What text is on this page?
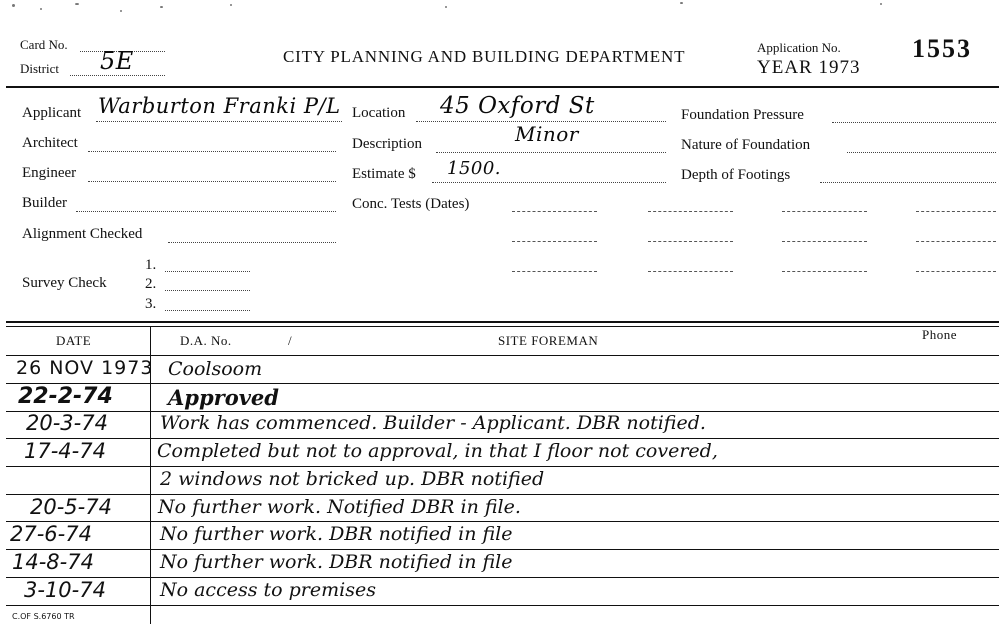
Card No.
District 5E	CITY PLANNING AND BUILDING DEPARTMENT	Application No.
YEAR 1973
1553
Applicant Warburton Franki P/L
Architect
Engineer
Builder
Alignment Checked
Survey Check
1.
2.
3.
Location 45 Oxford St
Description	Minor
Estimate $ 1500.
Conc. Tests (Dates)
Foundation Pressure
Nature of Foundation
Depth of Footings
DATE	D.A. No.	/	SITE FOREMAN	Phone
26 NOV 1973 Coolsoom
22-2-74	Approved
20-3-74	Work has commenced. Builder - Applicant. DBR notified.
17-4-74	Completed but not to approval, in that I floor not covered,
2 windows not bricked up. DBR notified
20-5-74 No further work. Notified DBR in file.
27-6-74	No further work. DBR notified in file
14-8-74	No further work. DBR notified in file
3-10-74	No access to premises
C.OF S.6760 TR
